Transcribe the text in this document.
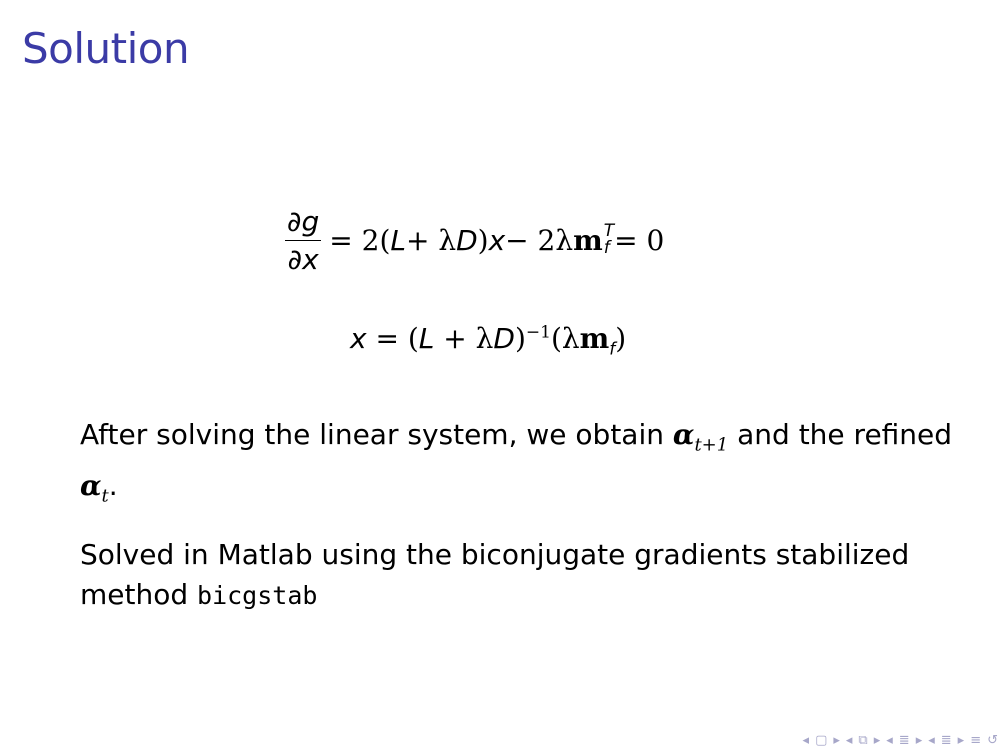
Solution
$\frac{\partial g}{\partial x} = 2$( L + λ D ) x − 2λ m T
f = 0
$x = (L + \lambda D)^{-1}(\lambda m_f)$
After solving the linear system, we obtain $\alpha_{t+1}$ and the refined
$\alpha_t$.
Solved in Matlab using the biconjugate gradients stabilized method bicgstab
◂ ▢ ▸ ◂ ⧉ ▸ ◂ ≣ ▸ ◂ ≣ ▸ ≡ ↺
